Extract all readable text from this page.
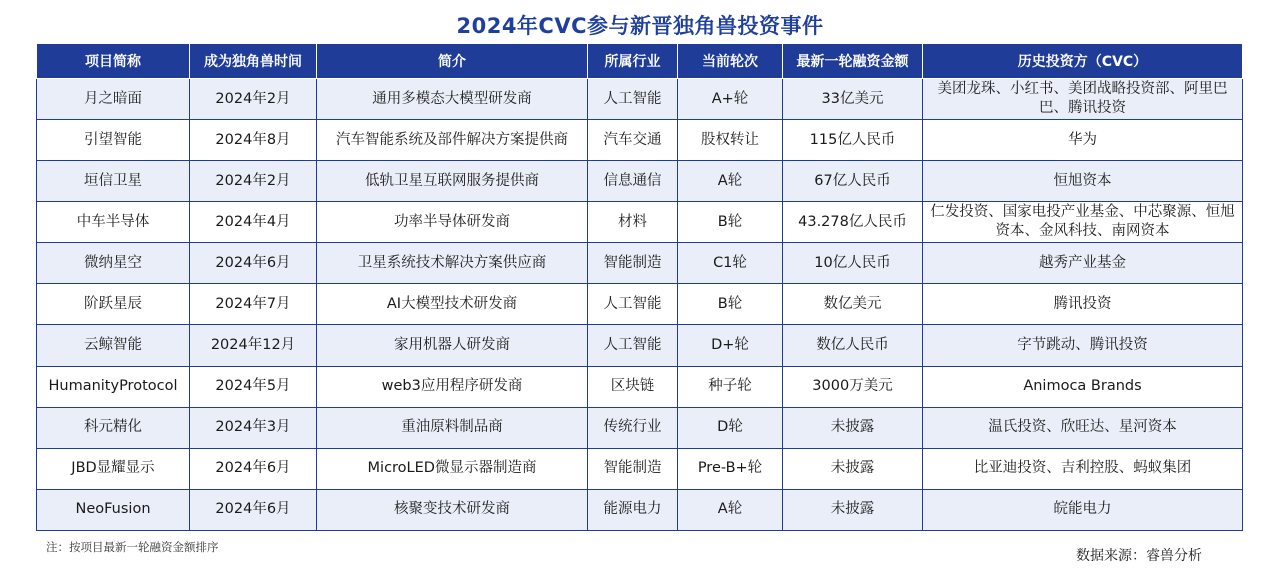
2024年CVC参与新晋独角兽投资事件
项目简称	成为独角兽时间	简介	所属行业	当前轮次	最新一轮融资金额	历史投资方（CVC）
月之暗面	2024年2月	通用多模态大模型研发商	人工智能	A+轮	33亿美元	美团龙珠、小红书、美团战略投资部、阿里巴巴、腾讯投资
引望智能	2024年8月	汽车智能系统及部件解决方案提供商	汽车交通	股权转让	115亿人民币	华为
垣信卫星	2024年2月	低轨卫星互联网服务提供商	信息通信	A轮	67亿人民币	恒旭资本
中车半导体	2024年4月	功率半导体研发商	材料	B轮	43.278亿人民币	仁发投资、国家电投产业基金、中芯聚源、恒旭资本、金风科技、南网资本
微纳星空	2024年6月	卫星系统技术解决方案供应商	智能制造	C1轮	10亿人民币	越秀产业基金
阶跃星辰	2024年7月	AI大模型技术研发商	人工智能	B轮	数亿美元	腾讯投资
云鲸智能	2024年12月	家用机器人研发商	人工智能	D+轮	数亿人民币	字节跳动、腾讯投资
HumanityProtocol	2024年5月	web3应用程序研发商	区块链	种子轮	3000万美元	Animoca Brands
科元精化	2024年3月	重油原料制品商	传统行业	D轮	未披露	温氏投资、欣旺达、星河资本
JBD显耀显示	2024年6月	MicroLED微显示器制造商	智能制造	Pre-B+轮	未披露	比亚迪投资、吉利控股、蚂蚁集团
NeoFusion	2024年6月	核聚变技术研发商	能源电力	A轮	未披露	皖能电力
注：按项目最新一轮融资金额排序
数据来源：睿兽分析
